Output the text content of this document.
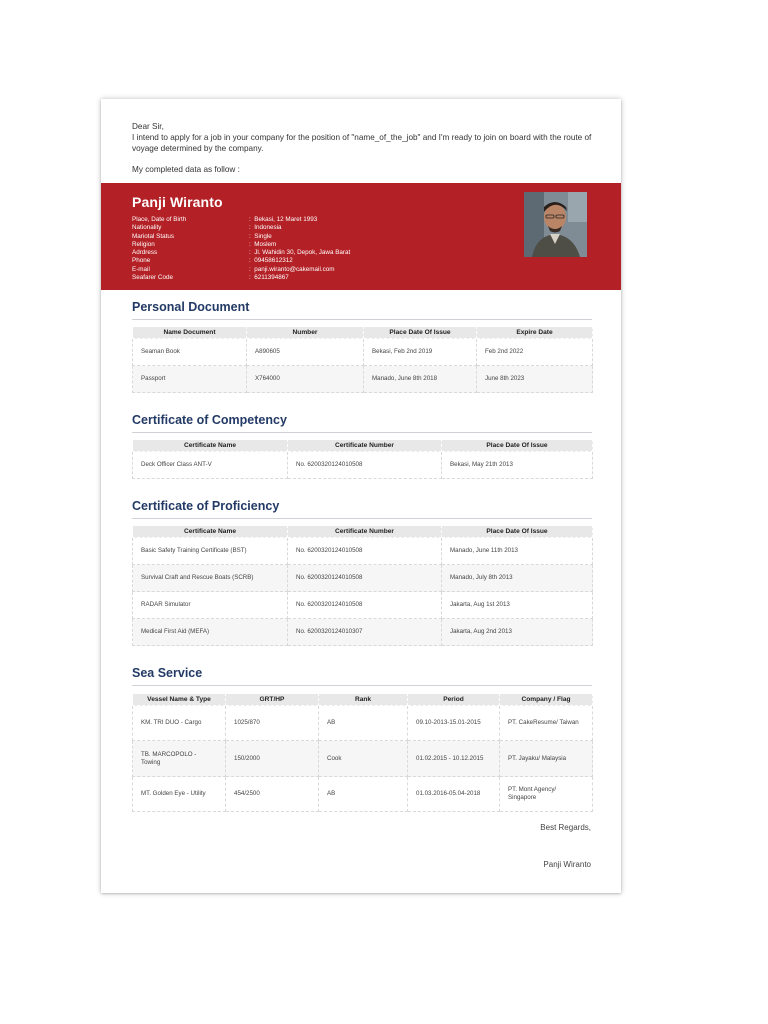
Dear Sir,

I intend to apply for a job in your company for the position of "name_of_the_job" and I'm ready to join on board with the route of voyage determined by the company.

My completed data as follow :

Panji Wiranto
Place, Date of Birth	:  Bekasi, 12 Maret 1993
Nationality	:  Indonesia
Mariotal Status	:  Single
Religion	:  Moslem
Adrdress	:  Jl. Wahidin 30, Depok, Jawa Barat
Phone	:  09458612312
E-mail	:  panji.wiranto@cakemail.com
Seafarer Code	:  6211394867
Personal Document
Name Document	Number	Place Date Of Issue	Expire Date
Seaman Book	A890605	Bekasi, Feb 2nd 2019	Feb 2nd 2022
Passport	X764000	Manado, June 8th 2018	June 8th 2023
Certificate of Competency
Certificate Name	Certificate Number	Place Date Of Issue
Deck Officer Class ANT-V	No. 6200320124010508	Bekasi, May 21th 2013
Certificate of Proficiency
Certificate Name	Certificate Number	Place Date Of Issue
Basic Safety Training Certificate (BST)	No. 6200320124010508	Manado, June 11th 2013
Survival Craft and Rescue Boats (SCRB)	No. 6200320124010508	Manado, July 8th 2013
RADAR Simulator	No. 6200320124010508	Jakarta, Aug 1st 2013
Medical First Aid (MEFA)	No. 6200320124010307	Jakarta, Aug 2nd 2013
Sea Service
Vessel Name & Type	GRT/HP	Rank	Period	Company / Flag
KM. TRI DUO - Cargo	1025/870	AB	09.10-2013-15.01-2015	PT. CakeResume/ Taiwan
TB. MARCOPOLO - Towing	150/2000	Cook	01.02.2015 - 10.12.2015	PT. Jayaku/ Malaysia
MT. Golden Eye - Utility	454/2500	AB	01.03.2016-05.04-2018	PT. Mont Agency/ Singapore
Best Regards,
Panji Wiranto
